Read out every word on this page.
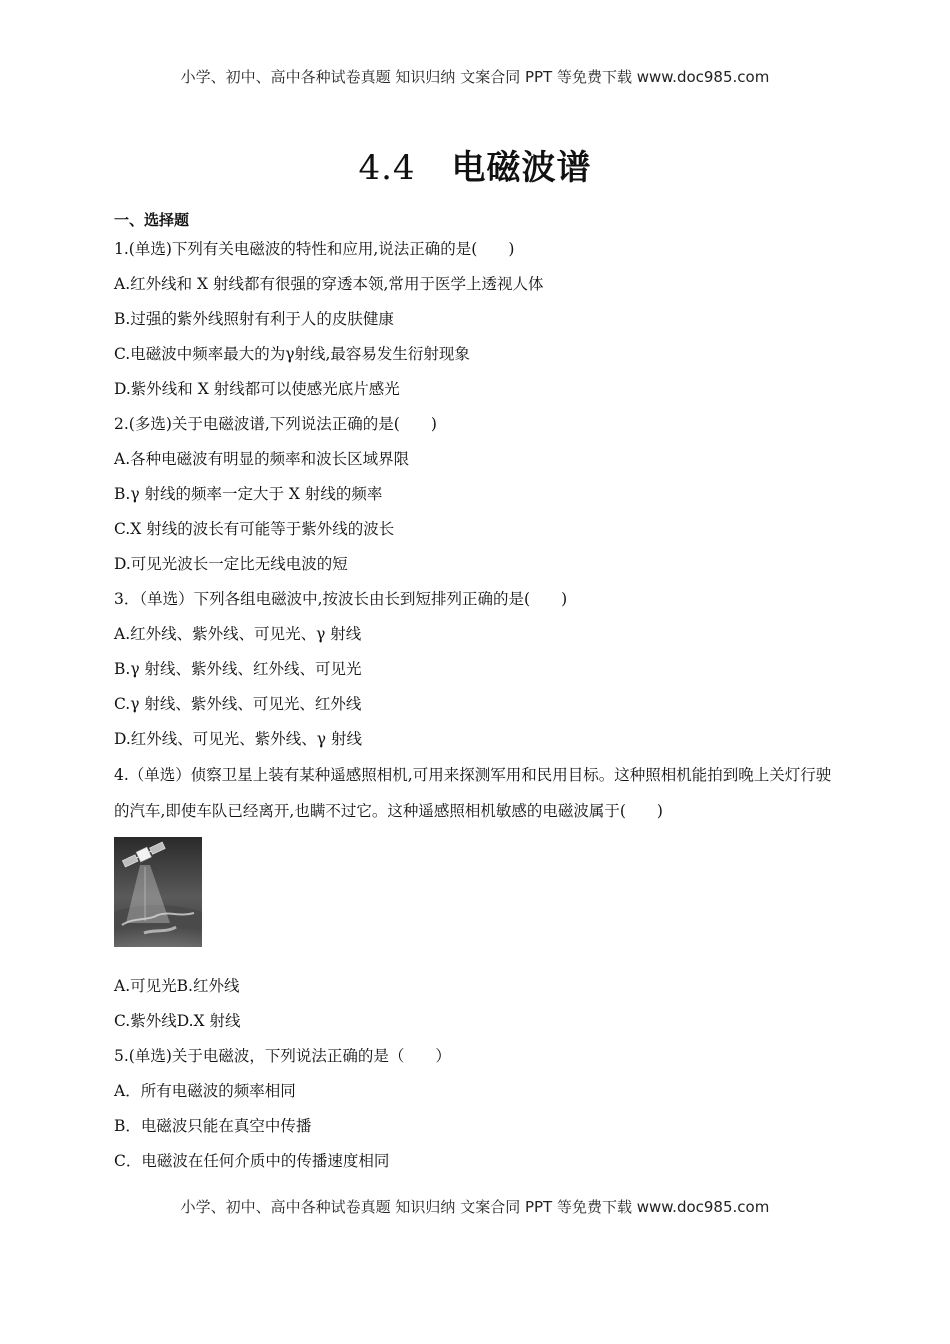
小学、初中、高中各种试卷真题 知识归纳 文案合同 PPT 等免费下载 www.doc985.com
4.4 电磁波谱
一、选择题
1.(单选)下列有关电磁波的特性和应用,说法正确的是(　　)
A.红外线和 X 射线都有很强的穿透本领,常用于医学上透视人体
B.过强的紫外线照射有利于人的皮肤健康
C.电磁波中频率最大的为γ射线,最容易发生衍射现象
D.紫外线和 X 射线都可以使感光底片感光
2.(多选)关于电磁波谱,下列说法正确的是(　　)
A.各种电磁波有明显的频率和波长区域界限
B.γ 射线的频率一定大于 X 射线的频率
C.X 射线的波长有可能等于紫外线的波长
D.可见光波长一定比无线电波的短
3．（单选）下列各组电磁波中,按波长由长到短排列正确的是(　　)
A.红外线、紫外线、可见光、γ 射线
B.γ 射线、紫外线、红外线、可见光
C.γ 射线、紫外线、可见光、红外线
D.红外线、可见光、紫外线、γ 射线
4.（单选）侦察卫星上装有某种遥感照相机,可用来探测军用和民用目标。这种照相机能拍到晚上关灯行驶的汽车,即使车队已经离开,也瞒不过它。这种遥感照相机敏感的电磁波属于(　　)
A.可见光B.红外线
C.紫外线D.X 射线
5.(单选)关于电磁波，下列说法正确的是（　　）
A．所有电磁波的频率相同
B．电磁波只能在真空中传播
C．电磁波在任何介质中的传播速度相同
小学、初中、高中各种试卷真题 知识归纳 文案合同 PPT 等免费下载 www.doc985.com
